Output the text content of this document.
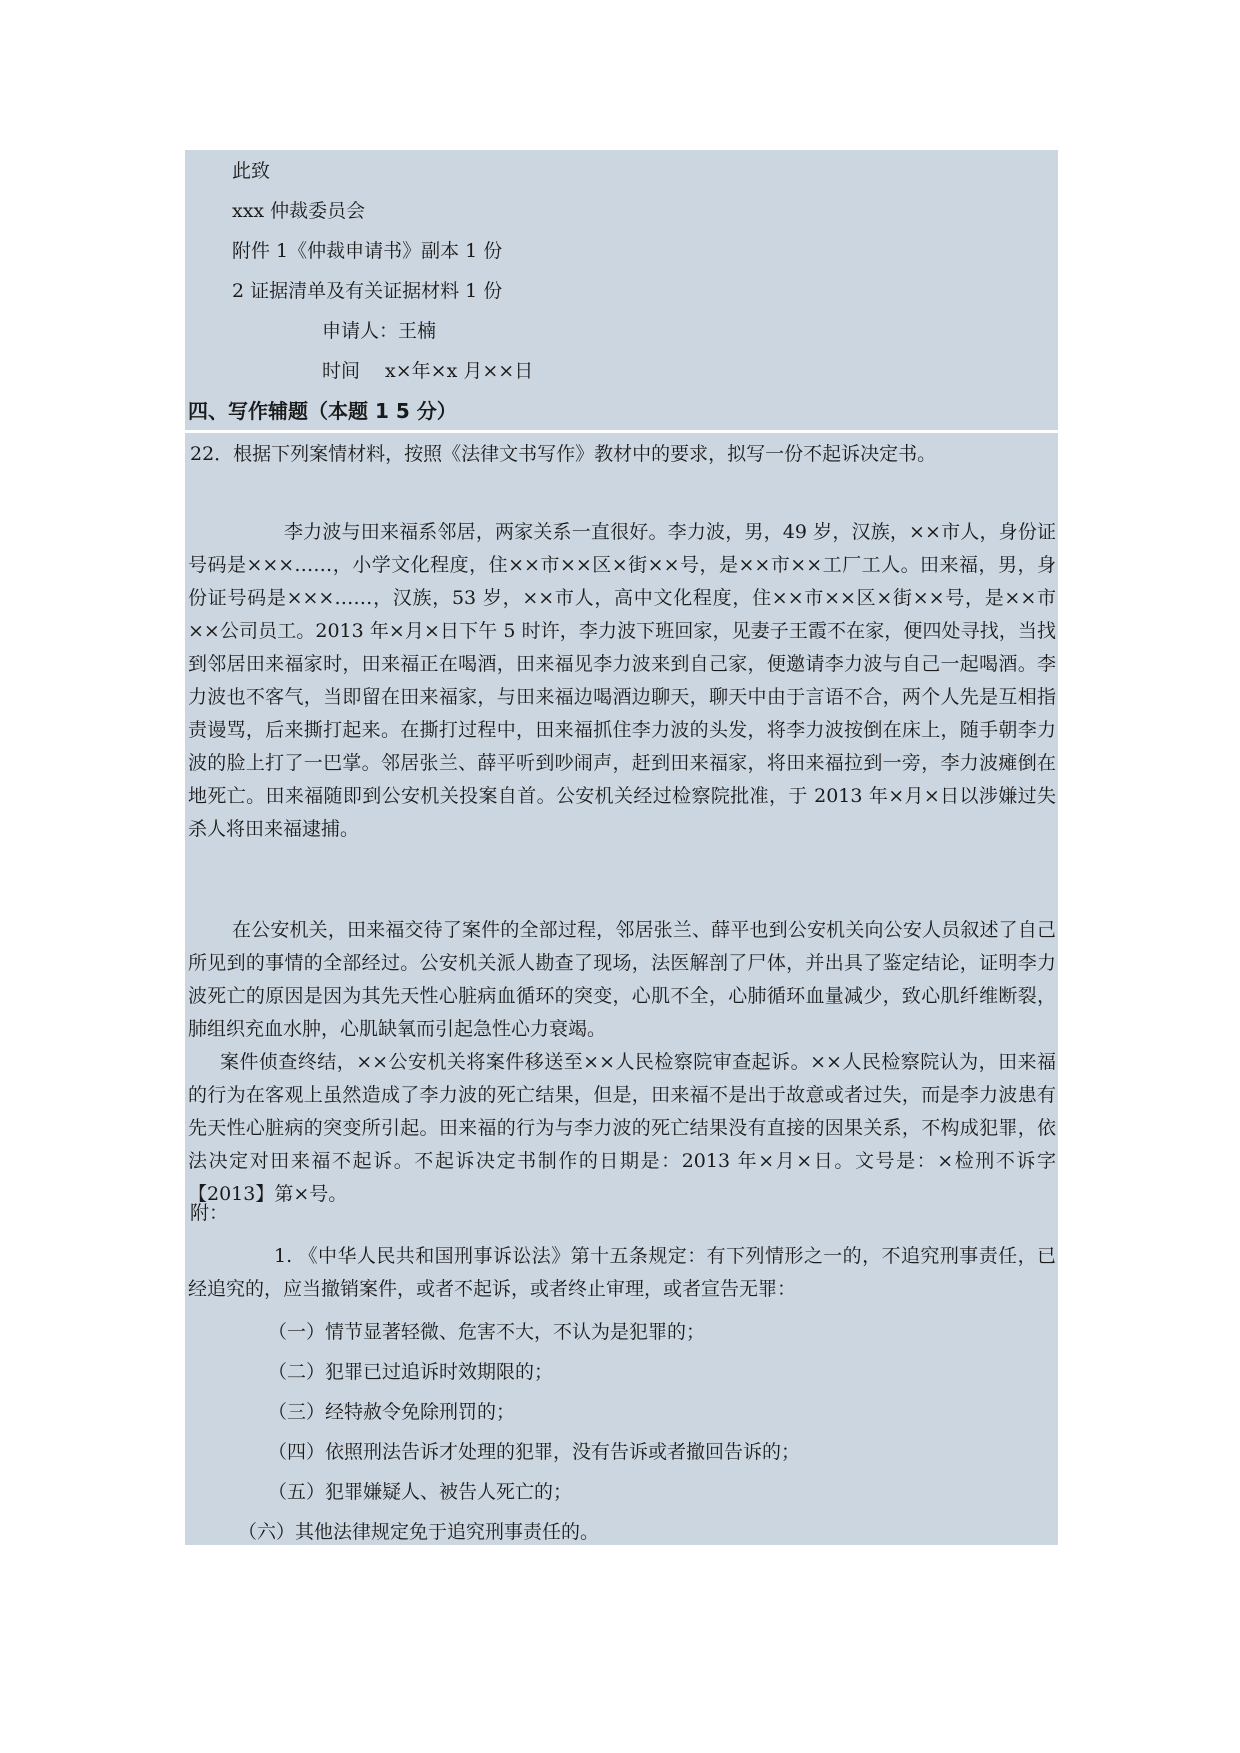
此致
xxx 仲裁委员会
附件 1《仲裁申请书》副本 1 份
2 证据清单及有关证据材料 1 份
申请人：王楠
时间　 x×年×x 月××日
四、写作辅题（本题 1 5 分）
22．根据下列案情材料，按照《法律文书写作》教材中的要求，拟写一份不起诉决定书。

李力波与田来福系邻居，两家关系一直很好。李力波，男，49 岁，汉族，××市人，身份证号码是×××……，小学文化程度，住××市××区×街××号，是××市××工厂工人。田来福，男，身份证号码是×××……，汉族，53 岁，××市人，高中文化程度，住××市××区×街××号，是××市××公司员工。2013 年×月×日下午 5 时许，李力波下班回家，见妻子王霞不在家，便四处寻找，当找到邻居田来福家时，田来福正在喝酒，田来福见李力波来到自己家，便邀请李力波与自己一起喝酒。李力波也不客气，当即留在田来福家，与田来福边喝酒边聊天，聊天中由于言语不合，两个人先是互相指责谩骂，后来撕打起来。在撕打过程中，田来福抓住李力波的头发，将李力波按倒在床上，随手朝李力波的脸上打了一巴掌。邻居张兰、薛平听到吵闹声，赶到田来福家，将田来福拉到一旁，李力波瘫倒在地死亡。田来福随即到公安机关投案自首。公安机关经过检察院批准，于 2013 年×月×日以涉嫌过失杀人将田来福逮捕。

在公安机关，田来福交待了案件的全部过程，邻居张兰、薛平也到公安机关向公安人员叙述了自己所见到的事情的全部经过。公安机关派人勘查了现场，法医解剖了尸体，并出具了鉴定结论，证明李力波死亡的原因是因为其先天性心脏病血循环的突变，心肌不全，心肺循环血量减少，致心肌纤维断裂，肺组织充血水肿，心肌缺氧而引起急性心力衰竭。

案件侦查终结，××公安机关将案件移送至××人民检察院审查起诉。××人民检察院认为，田来福的行为在客观上虽然造成了李力波的死亡结果，但是，田来福不是出于故意或者过失，而是李力波患有先天性心脏病的突变所引起。田来福的行为与李力波的死亡结果没有直接的因果关系，不构成犯罪，依法决定对田来福不起诉。不起诉决定书制作的日期是：2013 年×月×日。文号是：×检刑不诉字【2013】第×号。

附：

1. 《中华人民共和国刑事诉讼法》第十五条规定：有下列情形之一的，不追究刑事责任，已经追究的，应当撤销案件，或者不起诉，或者终止审理，或者宣告无罪：

（一）情节显著轻微、危害不大，不认为是犯罪的；
（二）犯罪已过追诉时效期限的；
（三）经特赦令免除刑罚的；
（四）依照刑法告诉才处理的犯罪，没有告诉或者撤回告诉的；
（五）犯罪嫌疑人、被告人死亡的；
（六）其他法律规定免于追究刑事责任的。
